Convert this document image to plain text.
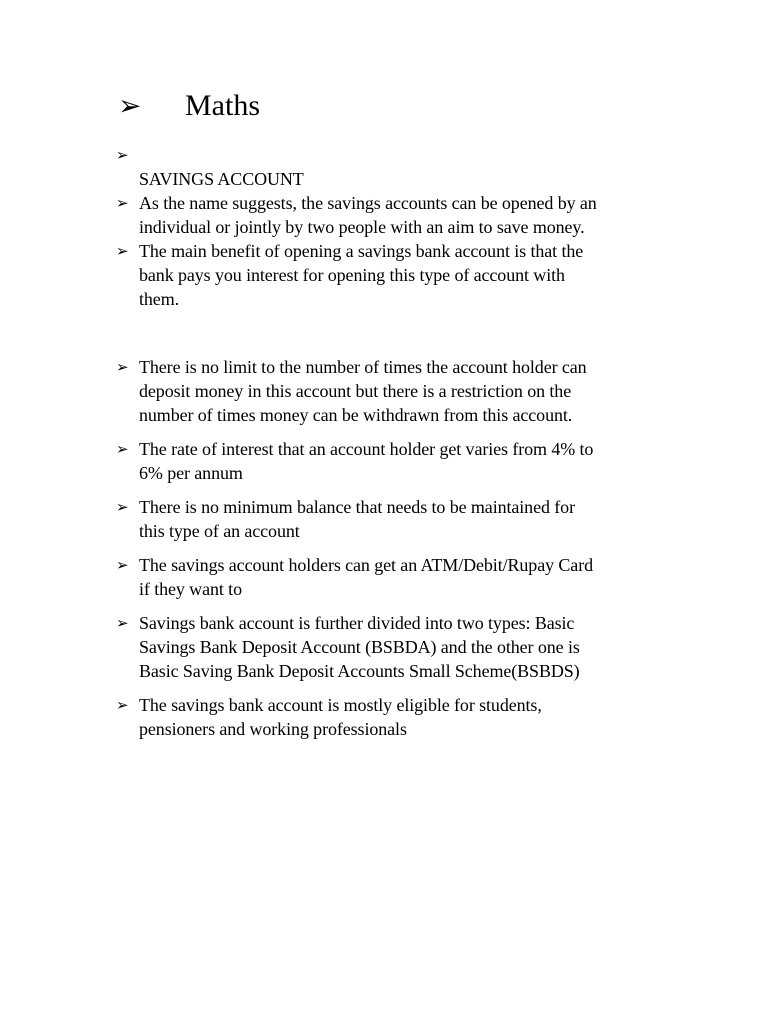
➢ Maths
➢

SAVINGS ACCOUNT
➢ As the name suggests, the savings accounts can be opened by an
individual or jointly by two people with an aim to save money.
➢ The main benefit of opening a savings bank account is that the
bank pays you interest for opening this type of account with
them.
➢ There is no limit to the number of times the account holder can
deposit money in this account but there is a restriction on the
number of times money can be withdrawn from this account.
➢ The rate of interest that an account holder get varies from 4% to
6% per annum
➢ There is no minimum balance that needs to be maintained for
this type of an account
➢ The savings account holders can get an ATM/Debit/Rupay Card
if they want to
➢ Savings bank account is further divided into two types: Basic
Savings Bank Deposit Account (BSBDA) and the other one is
Basic Saving Bank Deposit Accounts Small Scheme(BSBDS)
➢ The savings bank account is mostly eligible for students,
pensioners and working professionals
